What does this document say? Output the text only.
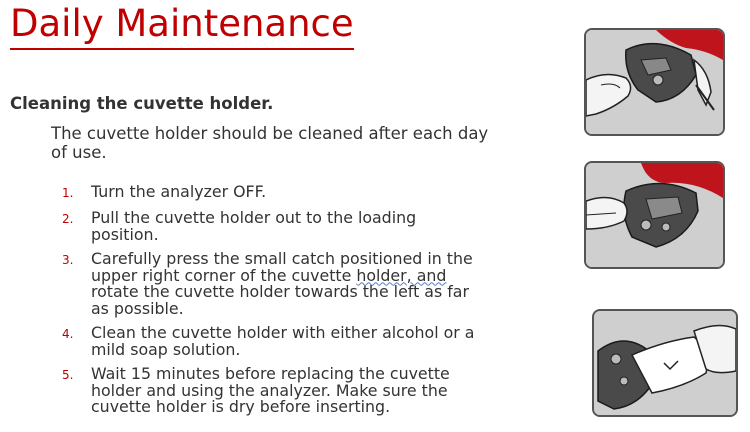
Daily Maintenance
Cleaning the cuvette holder.

The cuvette holder should be cleaned after each day of use.

1.	Turn the analyzer OFF.
2.	Pull the cuvette holder out to the loading position.
3.	Carefully press the small catch positioned in the upper right corner of the cuvette holder, and rotate the cuvette holder towards the left as far as possible.
4.	Clean the cuvette holder with either alcohol or a mild soap solution.
5.	Wait 15 minutes before replacing the cuvette holder and using the analyzer. Make sure the cuvette holder is dry before inserting.
